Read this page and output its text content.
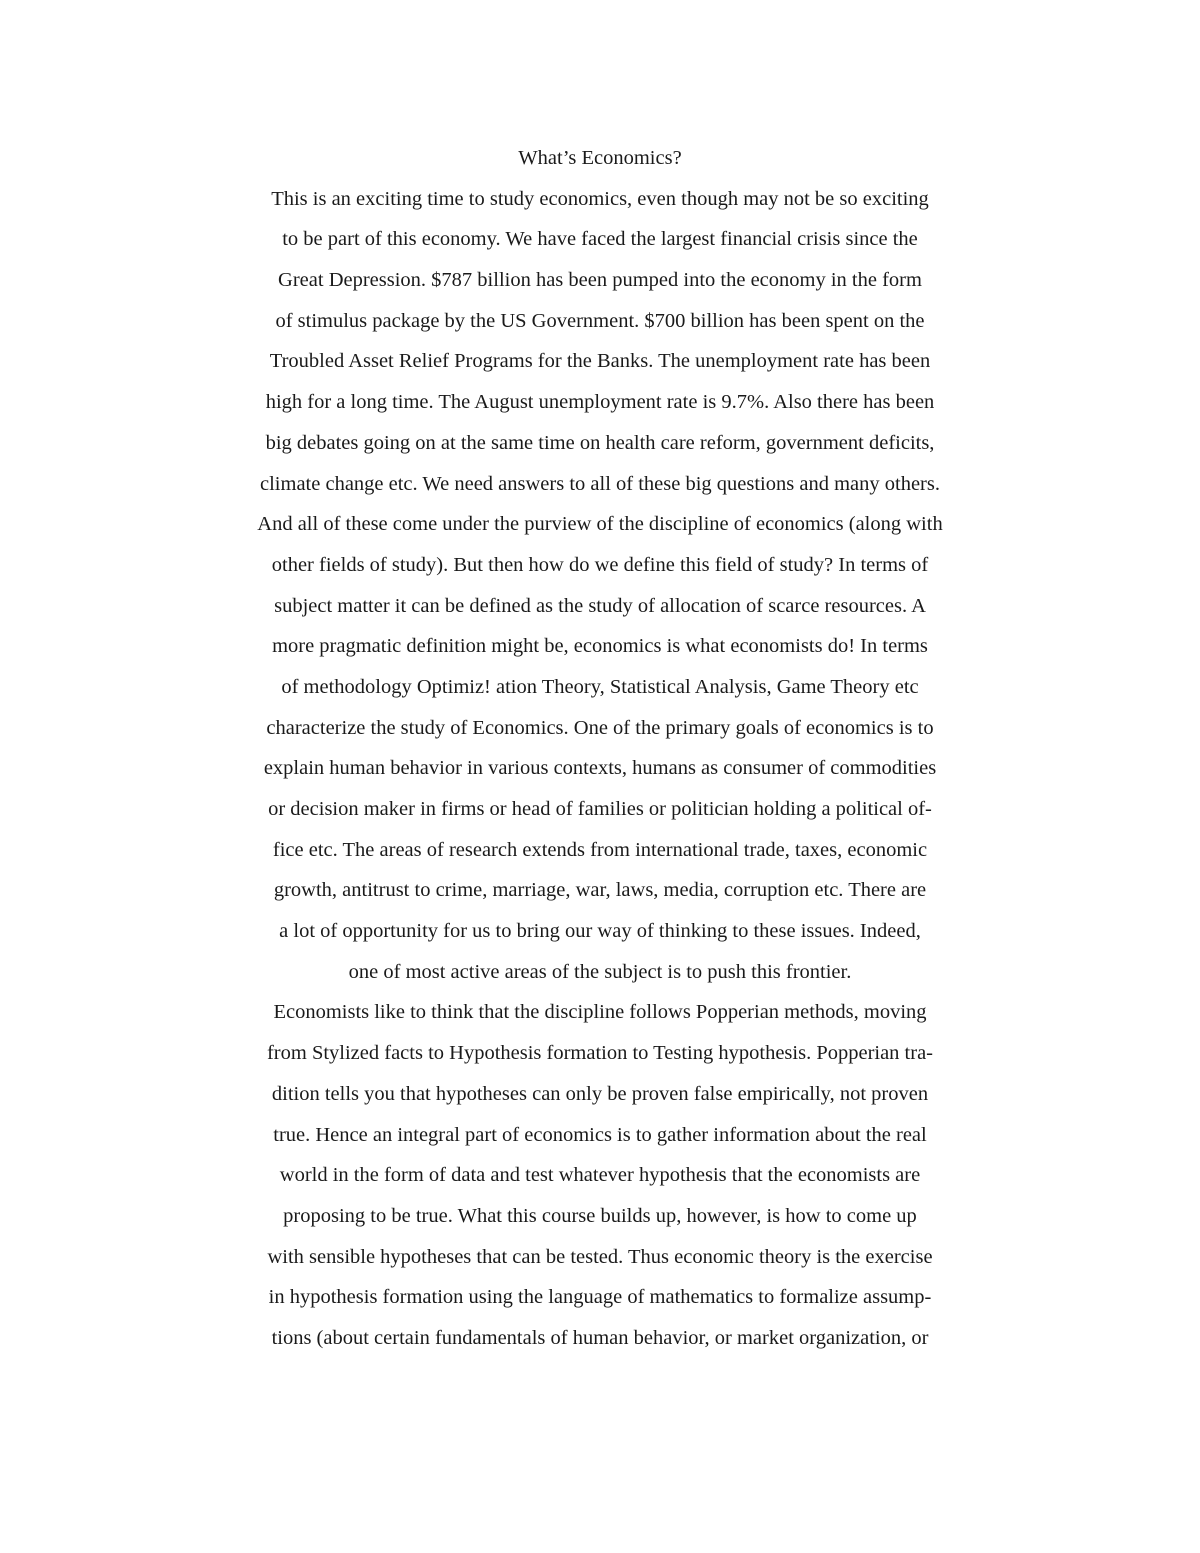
What’s Economics?
This is an exciting time to study economics, even though may not be so exciting
to be part of this economy. We have faced the largest financial crisis since the
Great Depression. $787 billion has been pumped into the economy in the form
of stimulus package by the US Government. $700 billion has been spent on the
Troubled Asset Relief Programs for the Banks. The unemployment rate has been
high for a long time. The August unemployment rate is 9.7%. Also there has been
big debates going on at the same time on health care reform, government deficits,
climate change etc. We need answers to all of these big questions and many others.
And all of these come under the purview of the discipline of economics (along with
other fields of study). But then how do we define this field of study? In terms of
subject matter it can be defined as the study of allocation of scarce resources. A
more pragmatic definition might be, economics is what economists do! In terms
of methodology Optimiz! ation Theory, Statistical Analysis, Game Theory etc
characterize the study of Economics. One of the primary goals of economics is to
explain human behavior in various contexts, humans as consumer of commodities
or decision maker in firms or head of families or politician holding a political of-
fice etc. The areas of research extends from international trade, taxes, economic
growth, antitrust to crime, marriage, war, laws, media, corruption etc. There are
a lot of opportunity for us to bring our way of thinking to these issues. Indeed,
one of most active areas of the subject is to push this frontier.
Economists like to think that the discipline follows Popperian methods, moving
from Stylized facts to Hypothesis formation to Testing hypothesis. Popperian tra-
dition tells you that hypotheses can only be proven false empirically, not proven
true. Hence an integral part of economics is to gather information about the real
world in the form of data and test whatever hypothesis that the economists are
proposing to be true. What this course builds up, however, is how to come up
with sensible hypotheses that can be tested. Thus economic theory is the exercise
in hypothesis formation using the language of mathematics to formalize assump-
tions (about certain fundamentals of human behavior, or market organization, or
